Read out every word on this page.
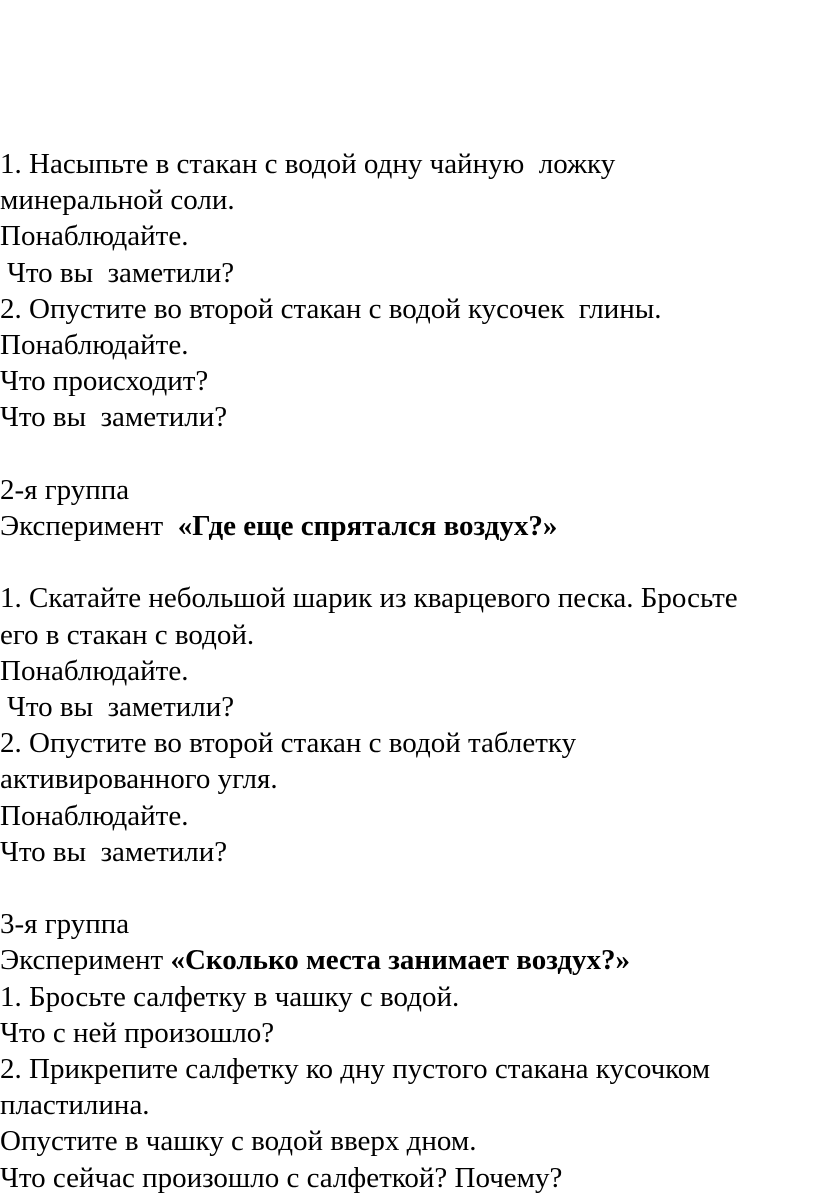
1. Насыпьте в стакан с водой одну чайную  ложку
минеральной соли.
Понаблюдайте.
Что вы  заметили?
2. Опустите во второй стакан с водой кусочек  глины.
Понаблюдайте.
Что происходит?
Что вы  заметили?
2-я группа
Эксперимент  «Где еще спрятался воздух?»
1. Скатайте небольшой шарик из кварцевого песка. Бросьте
его в стакан с водой.
Понаблюдайте.
Что вы  заметили?
2. Опустите во второй стакан с водой таблетку
активированного угля.
Понаблюдайте.
Что вы  заметили?
3-я группа
Эксперимент «Сколько места занимает воздух?»
1. Бросьте салфетку в чашку с водой.
Что с ней произошло?
2. Прикрепите салфетку ко дну пустого стакана кусочком
пластилина.
Опустите в чашку с водой вверх дном.
Что сейчас произошло с салфеткой? Почему?
